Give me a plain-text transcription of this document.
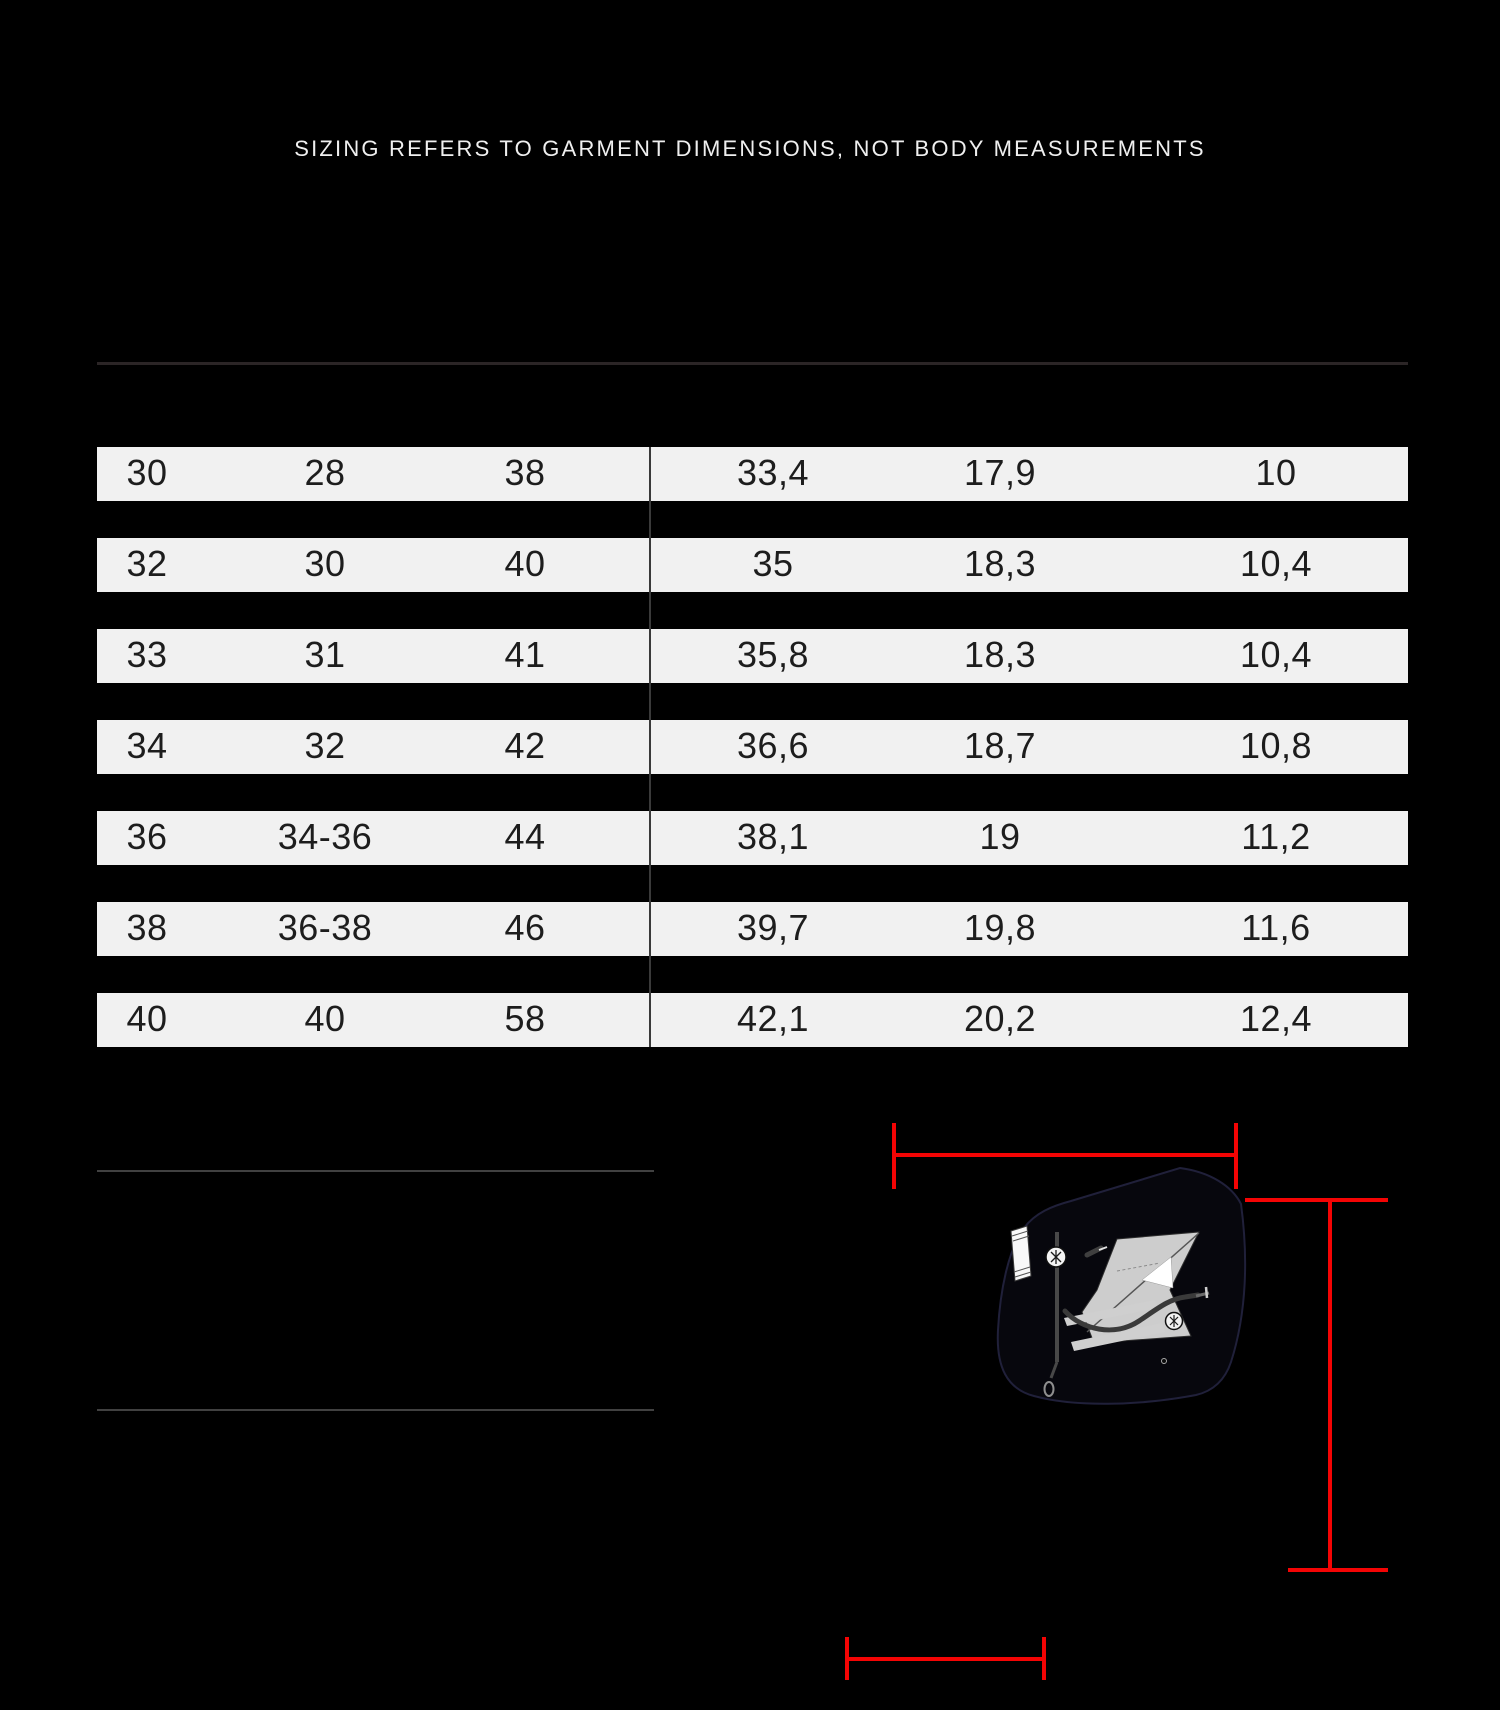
SIZING REFERS TO GARMENT DIMENSIONS, NOT BODY MEASUREMENTS
30	28	38	33,4	17,9	10
32	30	40	35	18,3	10,4
33	31	41	35,8	18,3	10,4
34	32	42	36,6	18,7	10,8
36	34-36	44	38,1	19	11,2
38	36-38	46	39,7	19,8	11,6
40	40	58	42,1	20,2	12,4
